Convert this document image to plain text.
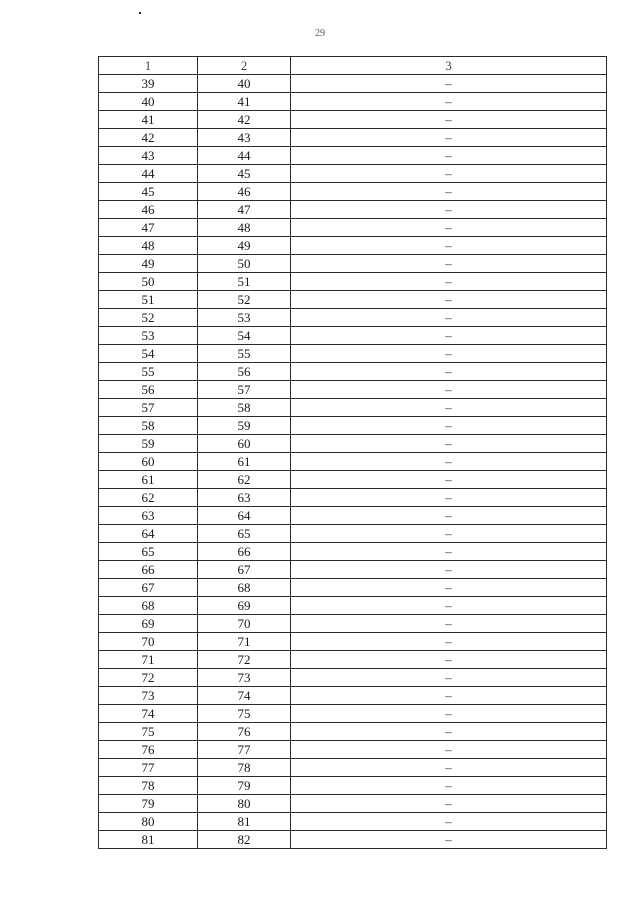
29
1	2	3
39	40	–
40	41	–
41	42	–
42	43	–
43	44	–
44	45	–
45	46	–
46	47	–
47	48	–
48	49	–
49	50	–
50	51	–
51	52	–
52	53	–
53	54	–
54	55	–
55	56	–
56	57	–
57	58	–
58	59	–
59	60	–
60	61	–
61	62	–
62	63	–
63	64	–
64	65	–
65	66	–
66	67	–
67	68	–
68	69	–
69	70	–
70	71	–
71	72	–
72	73	–
73	74	–
74	75	–
75	76	–
76	77	–
77	78	–
78	79	–
79	80	–
80	81	–
81	82	–
